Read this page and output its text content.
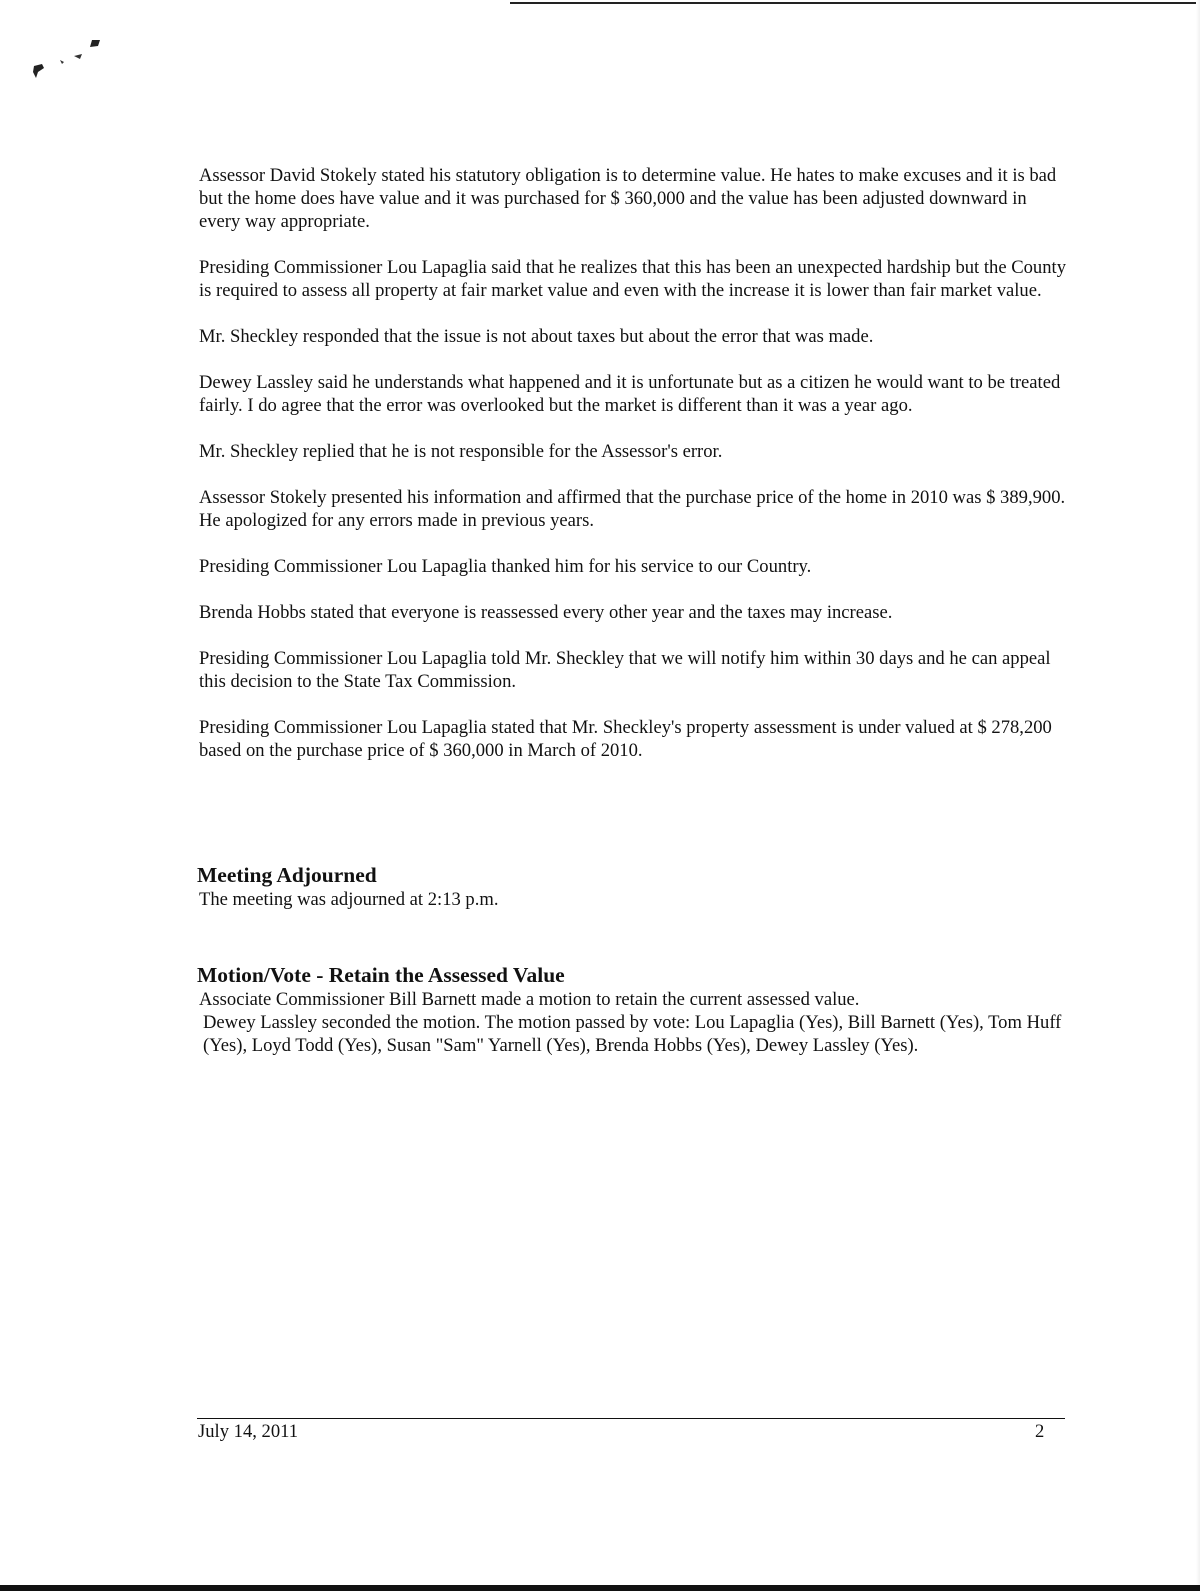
Assessor David Stokely stated his statutory obligation is to determine value. He hates to make excuses and it is bad but the home does have value and it was purchased for $ 360,000 and the value has been adjusted downward in every way appropriate.

Presiding Commissioner Lou Lapaglia said that he realizes that this has been an unexpected hardship but the County is required to assess all property at fair market value and even with the increase it is lower than fair market value.

Mr. Sheckley responded that the issue is not about taxes but about the error that was made.

Dewey Lassley said he understands what happened and it is unfortunate but as a citizen he would want to be treated fairly. I do agree that the error was overlooked but the market is different than it was a year ago.

Mr. Sheckley replied that he is not responsible for the Assessor's error.

Assessor Stokely presented his information and affirmed that the purchase price of the home in 2010 was $ 389,900. He apologized for any errors made in previous years.

Presiding Commissioner Lou Lapaglia thanked him for his service to our Country.

Brenda Hobbs stated that everyone is reassessed every other year and the taxes may increase.

Presiding Commissioner Lou Lapaglia told Mr. Sheckley that we will notify him within 30 days and he can appeal this decision to the State Tax Commission.

Presiding Commissioner Lou Lapaglia stated that Mr. Sheckley's property assessment is under valued at $ 278,200 based on the purchase price of $ 360,000 in March of 2010.

Meeting Adjourned

The meeting was adjourned at 2:13 p.m.

Motion/Vote - Retain the Assessed Value

Associate Commissioner Bill Barnett made a motion to retain the current assessed value.

Dewey Lassley seconded the motion. The motion passed by vote: Lou Lapaglia (Yes), Bill Barnett (Yes), Tom Huff (Yes), Loyd Todd (Yes), Susan "Sam" Yarnell (Yes), Brenda Hobbs (Yes), Dewey Lassley (Yes).

July 14, 2011	2
